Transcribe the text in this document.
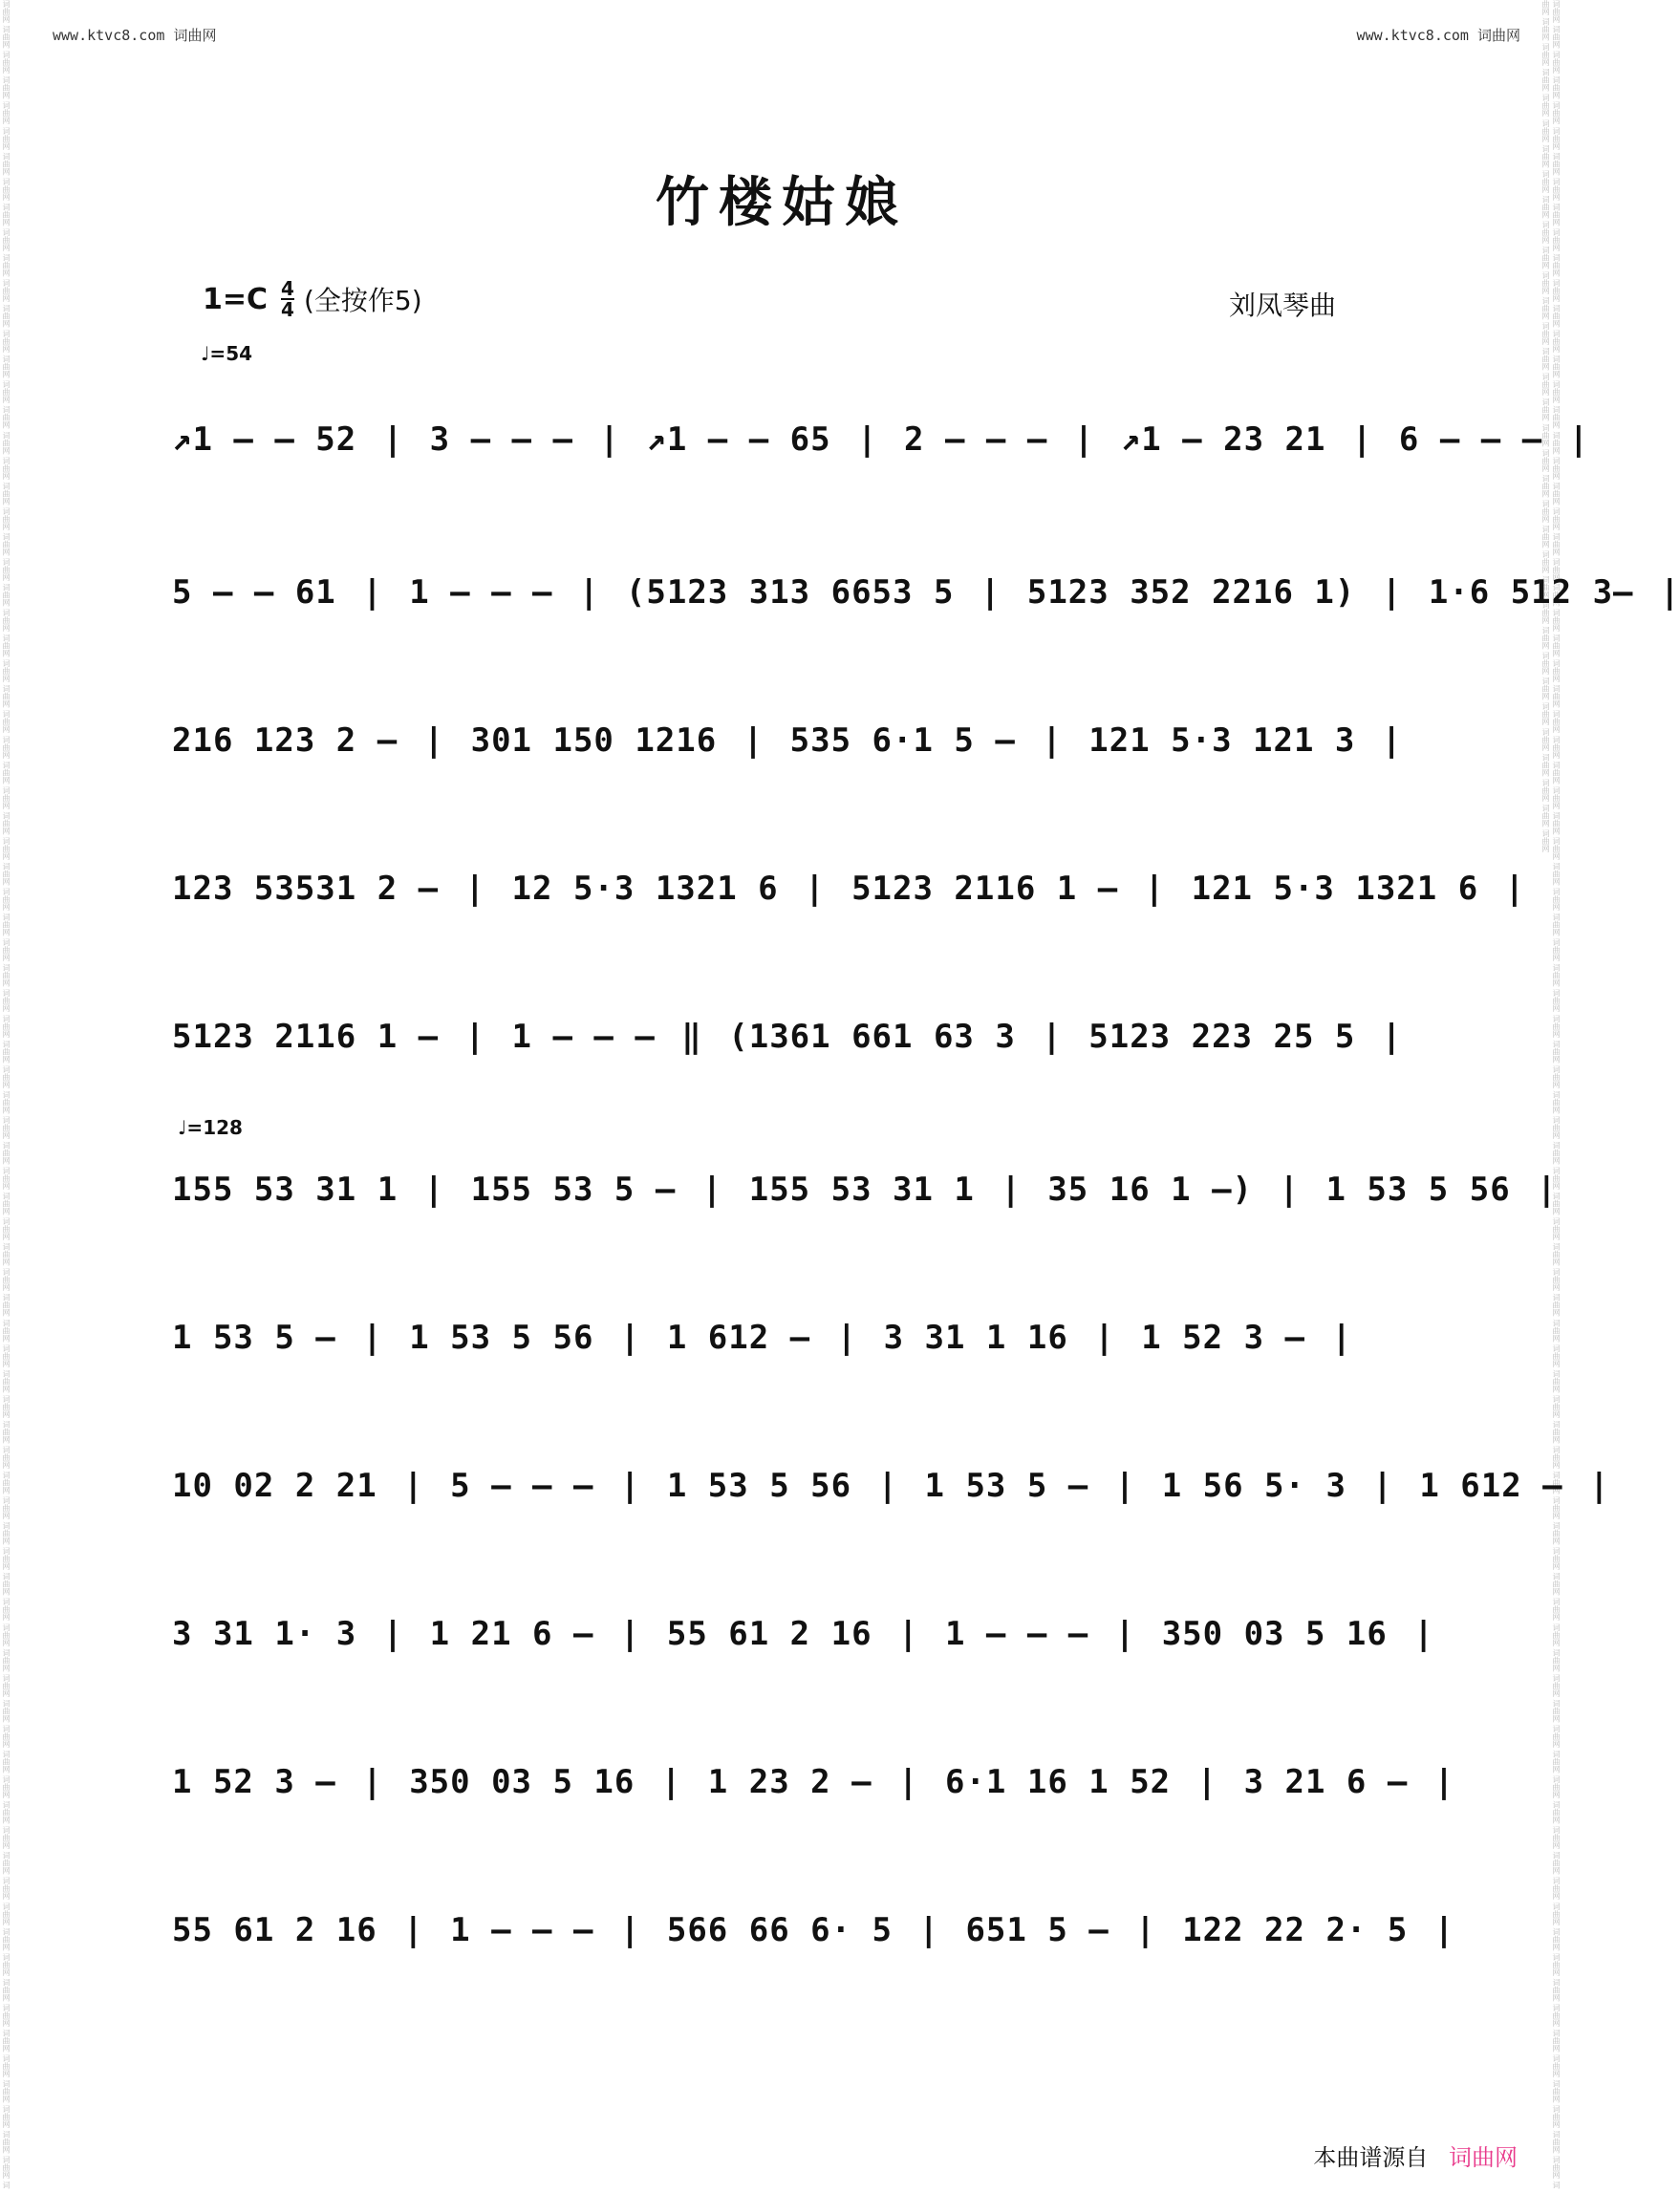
www.ktvc8.com 词曲网	www.ktvc8.com 词曲网
词曲网 词曲网 词曲网 词曲网 词曲网 词曲网 词曲网 词曲网 词曲网 词曲网 词曲网 词曲网 词曲网 词曲网 词曲网 词曲网 词曲网 词曲网 词曲网 词曲网 词曲网 词曲网 词曲网 词曲网 词曲网 词曲网 词曲网 词曲网 词曲网 词曲网 词曲网 词曲网 词曲网 词曲网 词曲网 词曲网 词曲网 词曲网 词曲网 词曲网 词曲网 词曲网 词曲网 词曲网 词曲网 词曲网 词曲网 词曲网 词曲网 词曲网 词曲网 词曲网 词曲网 词曲网 词曲网 词曲网 词曲网 词曲网 词曲网 词曲网 词曲网 词曲网 词曲网 词曲网 词曲网 词曲网 词曲网 词曲网 词曲网 词曲网 词曲网 词曲网 词曲网 词曲网 词曲网 词曲网 词曲网 词曲网 词曲网 词曲网 词曲网 词曲网 词曲网 词曲网 词曲网 词曲网 词	词曲网 词曲网 词曲网 词曲网 词曲网 词曲网 词曲网 词曲网 词曲网 词曲网 词曲网 词曲网 词曲网 词曲网 词曲网 词曲网 词曲网 词曲网 词曲网 词曲网 词曲网 词曲网 词曲网 词曲网 词曲网 词曲网 词曲网 词曲网 词曲网 词曲网 词曲网 词曲网 词曲网 词曲网 词曲网 词曲网 词曲网 词曲网 词曲网 词曲网 词曲网 词曲网 词曲网 词曲网 词曲网 词曲网 词曲网 词曲网 词曲网 词曲网 词曲网 词曲网 词曲网 词曲网 词曲网 词曲网 词曲网 词曲网 词曲网 词曲网 词曲网 词曲网 词曲网 词曲网 词曲网 词曲网 词曲网 词曲网 词曲网 词曲网 词曲网 词曲网 词曲网 词曲网 词曲网 词曲网 词曲网 词曲网 词曲网 词曲网 词曲网 词曲网 词曲网 词曲网 词曲网 词曲网 词曲网 词曲网 词曲网 词曲网 词曲网 词曲网 词曲网 词曲网 词曲网 词曲网 词曲网 词曲网 词曲网 词曲网 词曲网 词曲网 词曲网 词曲网 词曲网 词曲网 词曲网 词曲网 词曲网 词曲网 词曲网 词曲网 词曲网 词曲网 词曲网 词曲网 词曲网 词曲网 词曲网 词曲网
竹楼姑娘
$1=C \frac{4}{4}$ (全按作5)	刘凤琴曲
♩=54
♩=128
↗1 – – 52 | 3 – – – | ↗1 – – 65 | 2 – – – | ↗1 – 23 21 | 6 – – – |
5 – – 61 | 1 – – – | (5123 313 6653 5 | 5123 352 2216 1) | 1·6 512 3– |
216 123 2 – | 301 150 1216 | 535 6·1 5 – | 121 5·3 121 3 |
123 53531 2 – | 12 5·3 1321 6 | 5123 2116 1 – | 121 5·3 1321 6 |
5123 2116 1 – | 1 – – – ‖ (1361 661 63 3 | 5123 223 25 5 |
155 53 31 1 | 155 53 5 – | 155 53 31 1 | 35 16 1 –) | 1 53 5 56 |
1 53 5 – | 1 53 5 56 | 1 612 – | 3 31 1 16 | 1 52 3 – |
10 02 2 21 | 5 – – – | 1 53 5 56 | 1 53 5 – | 1 56 5· 3 | 1 612 – |
3 31 1· 3 | 1 21 6 – | 55 61 2 16 | 1 – – – | 350 03 5 16 |
1 52 3 – | 350 03 5 16 | 1 23 2 – | 6·1 16 1 52 | 3 21 6 – |
55 61 2 16 | 1 – – – | 566 66 6· 5 | 651 5 – | 122 22 2· 5 |
本曲谱源自 词曲网
